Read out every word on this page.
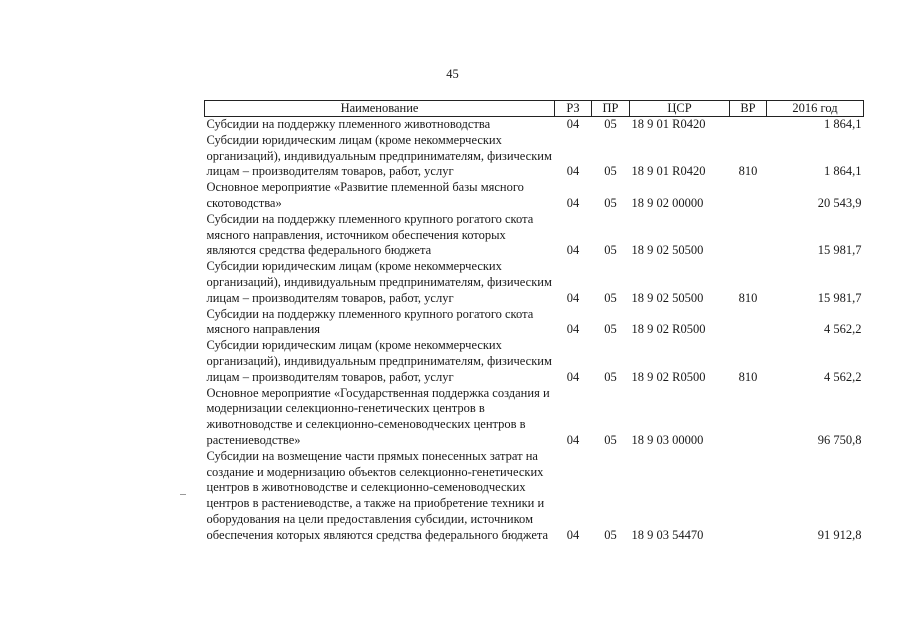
45
Наименование	РЗ	ПР	ЦСР	ВР	2016 год
Субсидии на поддержку племенного животноводства	04	05	18 9 01 R0420		1 864,1
Субсидии юридическим лицам (кроме некоммерческих организаций), индивидуальным предпринимателям, физическим лицам – производителям товаров, работ, услуг	04	05	18 9 01 R0420	810	1 864,1
Основное мероприятие «Развитие племенной базы мясного скотоводства»	04	05	18 9 02 00000		20 543,9
Субсидии на поддержку племенного крупного рогатого скота мясного направления, источником обеспечения которых являются средства федерального бюджета	04	05	18 9 02 50500		15 981,7
Субсидии юридическим лицам (кроме некоммерческих организаций), индивидуальным предпринимателям, физическим лицам – производителям товаров, работ, услуг	04	05	18 9 02 50500	810	15 981,7
Субсидии на поддержку племенного крупного рогатого скота мясного направления	04	05	18 9 02 R0500		4 562,2
Субсидии юридическим лицам (кроме некоммерческих организаций), индивидуальным предпринимателям, физическим лицам – производителям товаров, работ, услуг	04	05	18 9 02 R0500	810	4 562,2
Основное мероприятие «Государственная поддержка создания и модернизации селекционно-генетических центров в животноводстве и селекционно-семеноводческих центров в растениеводстве»	04	05	18 9 03 00000		96 750,8
Субсидии на возмещение части прямых понесенных затрат на создание и модернизацию объектов селекционно-генетических центров в животноводстве и селекционно-семеноводческих центров в растениеводстве, а также на приобретение техники и оборудования на цели предоставления субсидии, источником обеспечения которых являются средства федерального бюджета	04	05	18 9 03 54470		91 912,8
